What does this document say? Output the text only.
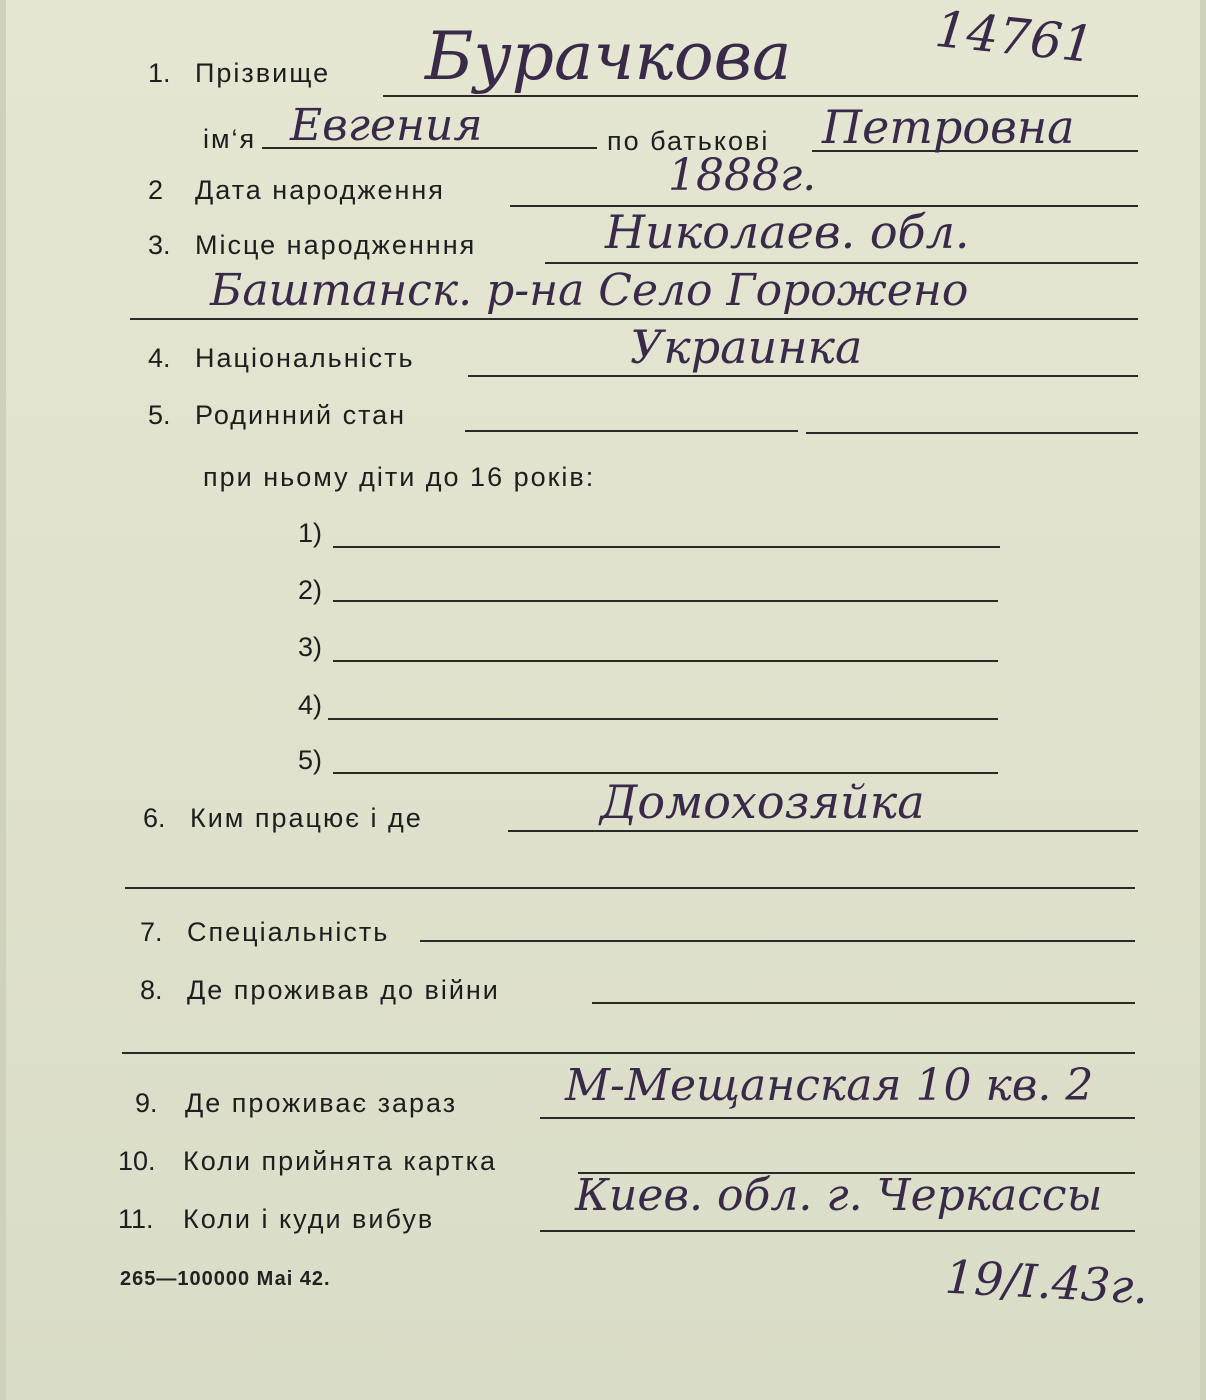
1. Прізвище Бурачкова	14761
ім‘я Евгения	по батькові Петровна
2 Дата народження	1888г.
3. Місце народженння	Николаев. обл.
Баштанск. р-на Село Горожено
4. Національність	Украинка
5. Родинний стан
при ньому діти до 16 років:
1)
2)
3)
4)
5)
6. Ким працює і де	Домохозяйка
7. Спеціальність
8. Де проживав до війни
9. Де проживає зараз М-Мещанская 10 кв. 2
10. Коли прийнята картка
11. Коли і куди вибув	Киев. обл. г. Черкассы
265—100000 Маі 42.	19/I.43г.
